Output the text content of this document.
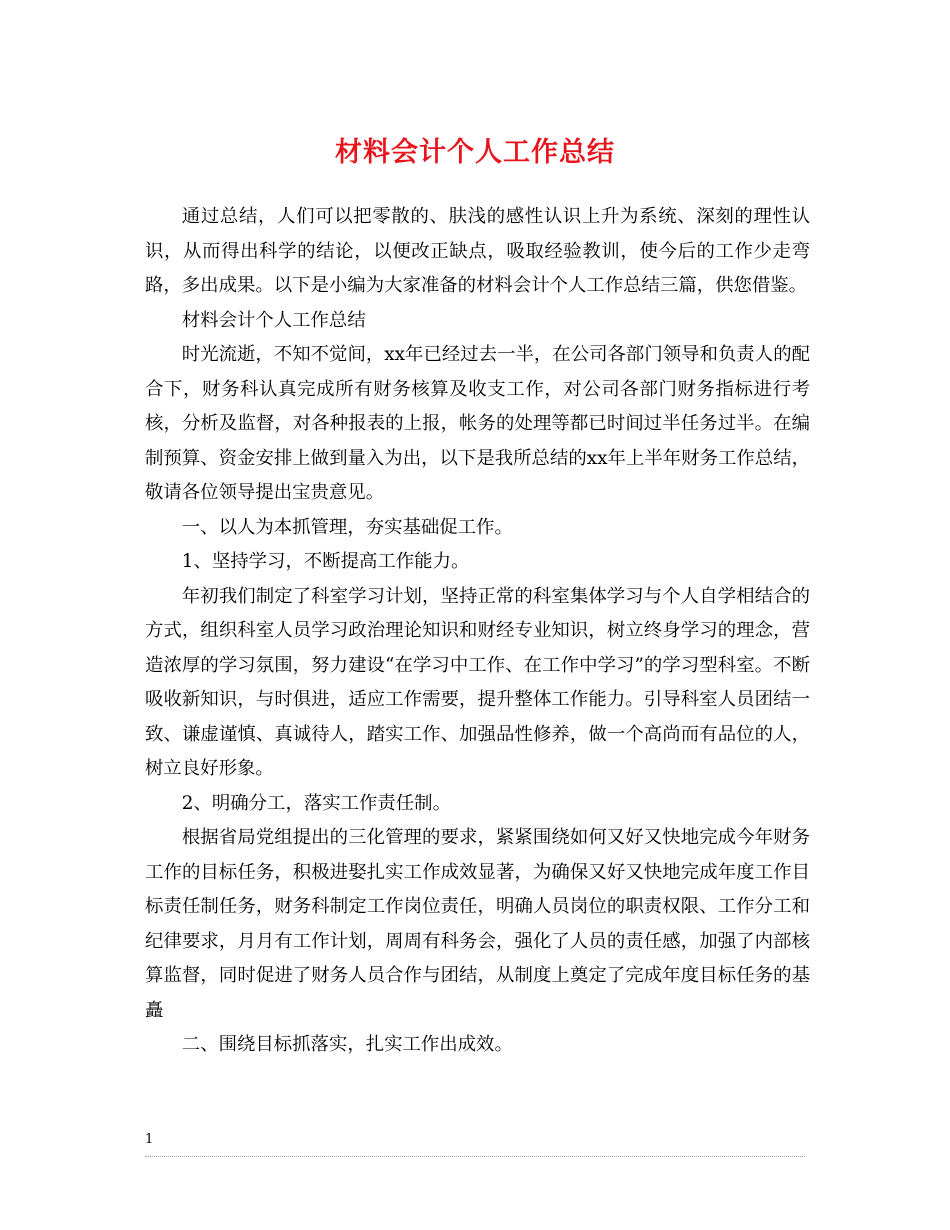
材料会计个人工作总结

通过总结，人们可以把零散的、肤浅的感性认识上升为系统、深刻的理性认识，从而得出科学的结论，以便改正缺点，吸取经验教训，使今后的工作少走弯路，多出成果。以下是小编为大家准备的材料会计个人工作总结三篇，供您借鉴。

材料会计个人工作总结

时光流逝，不知不觉间，xx年已经过去一半，在公司各部门领导和负责人的配合下，财务科认真完成所有财务核算及收支工作，对公司各部门财务指标进行考核，分析及监督，对各种报表的上报，帐务的处理等都已时间过半任务过半。在编制预算、资金安排上做到量入为出，以下是我所总结的xx年上半年财务工作总结，敬请各位领导提出宝贵意见。

一、以人为本抓管理，夯实基础促工作。

1、坚持学习，不断提高工作能力。

年初我们制定了科室学习计划，坚持正常的科室集体学习与个人自学相结合的方式，组织科室人员学习政治理论知识和财经专业知识，树立终身学习的理念，营造浓厚的学习氛围，努力建设“在学习中工作、在工作中学习”的学习型科室。不断吸收新知识，与时俱进，适应工作需要，提升整体工作能力。引导科室人员团结一致、谦虚谨慎、真诚待人，踏实工作、加强品性修养，做一个高尚而有品位的人，树立良好形象。

2、明确分工，落实工作责任制。

根据省局党组提出的三化管理的要求，紧紧围绕如何又好又快地完成今年财务工作的目标任务，积极进娶扎实工作成效显著，为确保又好又快地完成年度工作目标责任制任务，财务科制定工作岗位责任，明确人员岗位的职责权限、工作分工和纪律要求，月月有工作计划，周周有科务会，强化了人员的责任感，加强了内部核算监督，同时促进了财务人员合作与团结，从制度上奠定了完成年度目标任务的基矗

二、围绕目标抓落实，扎实工作出成效。

1
